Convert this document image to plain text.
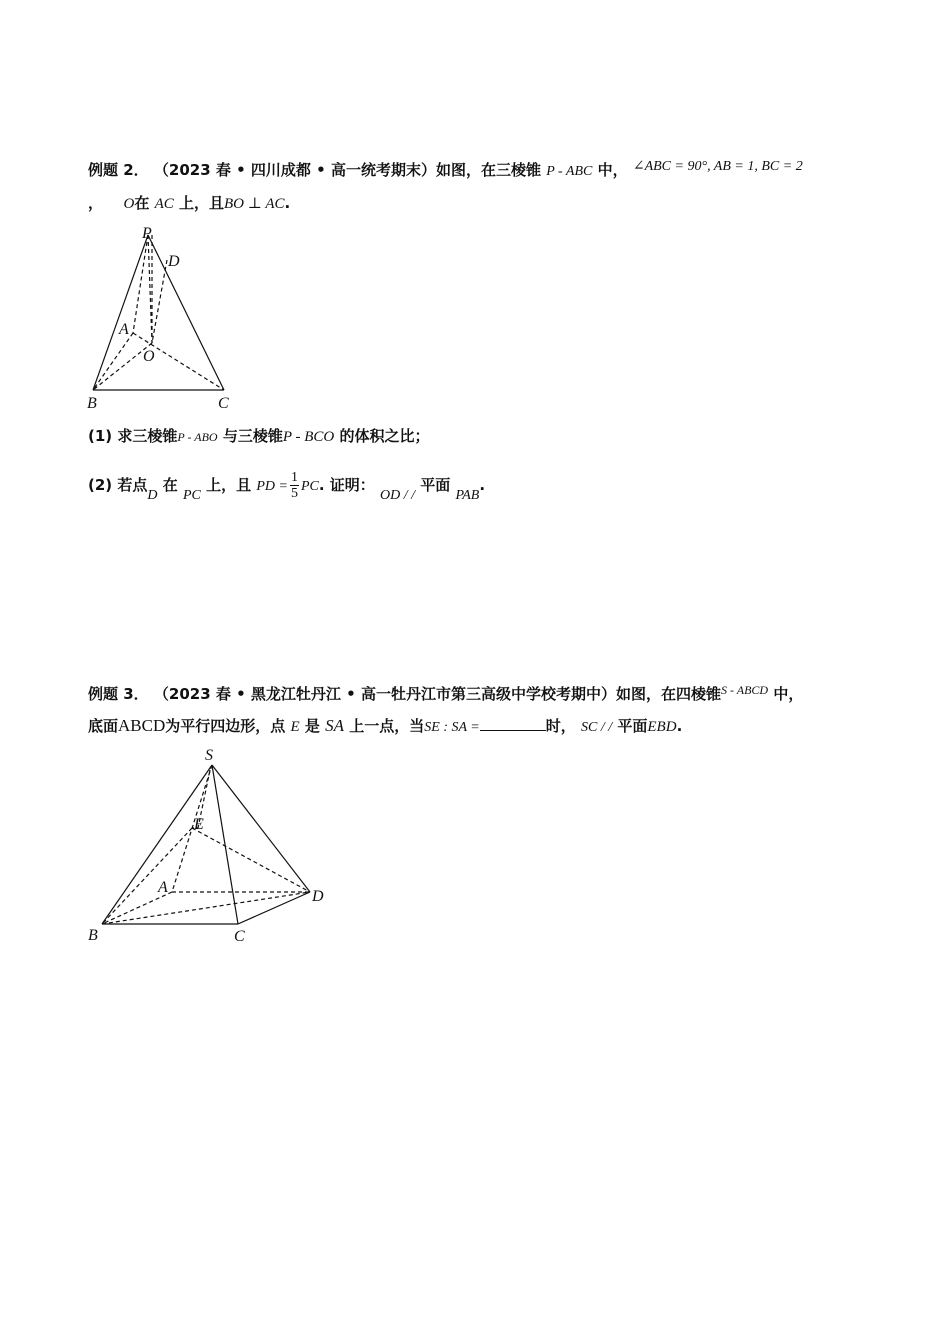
例题 2． （2023 春 • 四川成都 • 高一统考期末）如图，在三棱锥 P - ABC 中， ∠ABC = 90°, AB = 1, BC = 2
， O在 AC 上，且BO ⊥ AC.
P
D
A
O
B	C
(1) 求三棱锥P - ABO 与三棱锥P - BCO 的体积之比；
(2) 若点D 在 PC 上，且 PD = $\frac{1}{5}$ PC. 证明： OD / / 平面 PAB.
例题 3． （2023 春 • 黑龙江牡丹江 • 高一牡丹江市第三高级中学校考期中）如图，在四棱锥$^{S - ABCD}$ 中，
底面ABCD为平行四边形，点 E 是 SA 上一点，当SE : SA =	时， SC / / 平面EBD.
S
E
A
D
B	C
